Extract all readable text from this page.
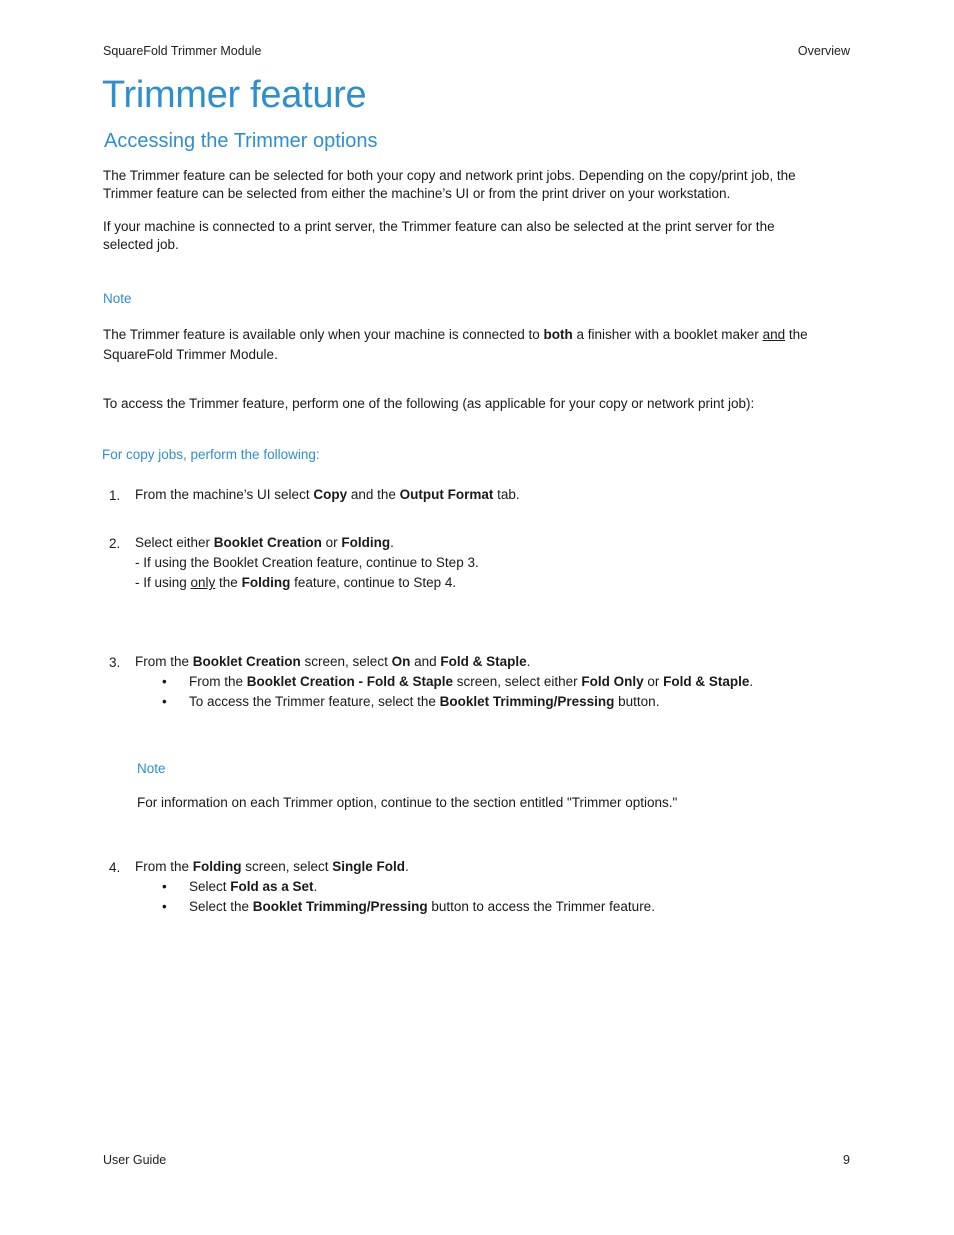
SquareFold Trimmer Module	Overview
Trimmer feature
Accessing the Trimmer options

The Trimmer feature can be selected for both your copy and network print jobs. Depending on the copy/print job, the
Trimmer feature can be selected from either the machine’s UI or from the print driver on your workstation.

If your machine is connected to a print server, the Trimmer feature can also be selected at the print server for the
selected job.

Note

The Trimmer feature is available only when your machine is connected to both a finisher with a booklet maker and the
SquareFold Trimmer Module.

To access the Trimmer feature, perform one of the following (as applicable for your copy or network print job):

For copy jobs, perform the following:

1. From the machine’s UI select Copy and the Output Format tab.

2. Select either Booklet Creation or Folding.
- If using the Booklet Creation feature, continue to Step 3.
- If using only the Folding feature, continue to Step 4.

3. From the Booklet Creation screen, select On and Fold & Staple.

• From the Booklet Creation - Fold & Staple screen, select either Fold Only or Fold & Staple.

• To access the Trimmer feature, select the Booklet Trimming/Pressing button.

Note

For information on each Trimmer option, continue to the section entitled "Trimmer options."

4. From the Folding screen, select Single Fold.

• Select Fold as a Set.

• Select the Booklet Trimming/Pressing button to access the Trimmer feature.

User Guide	9
